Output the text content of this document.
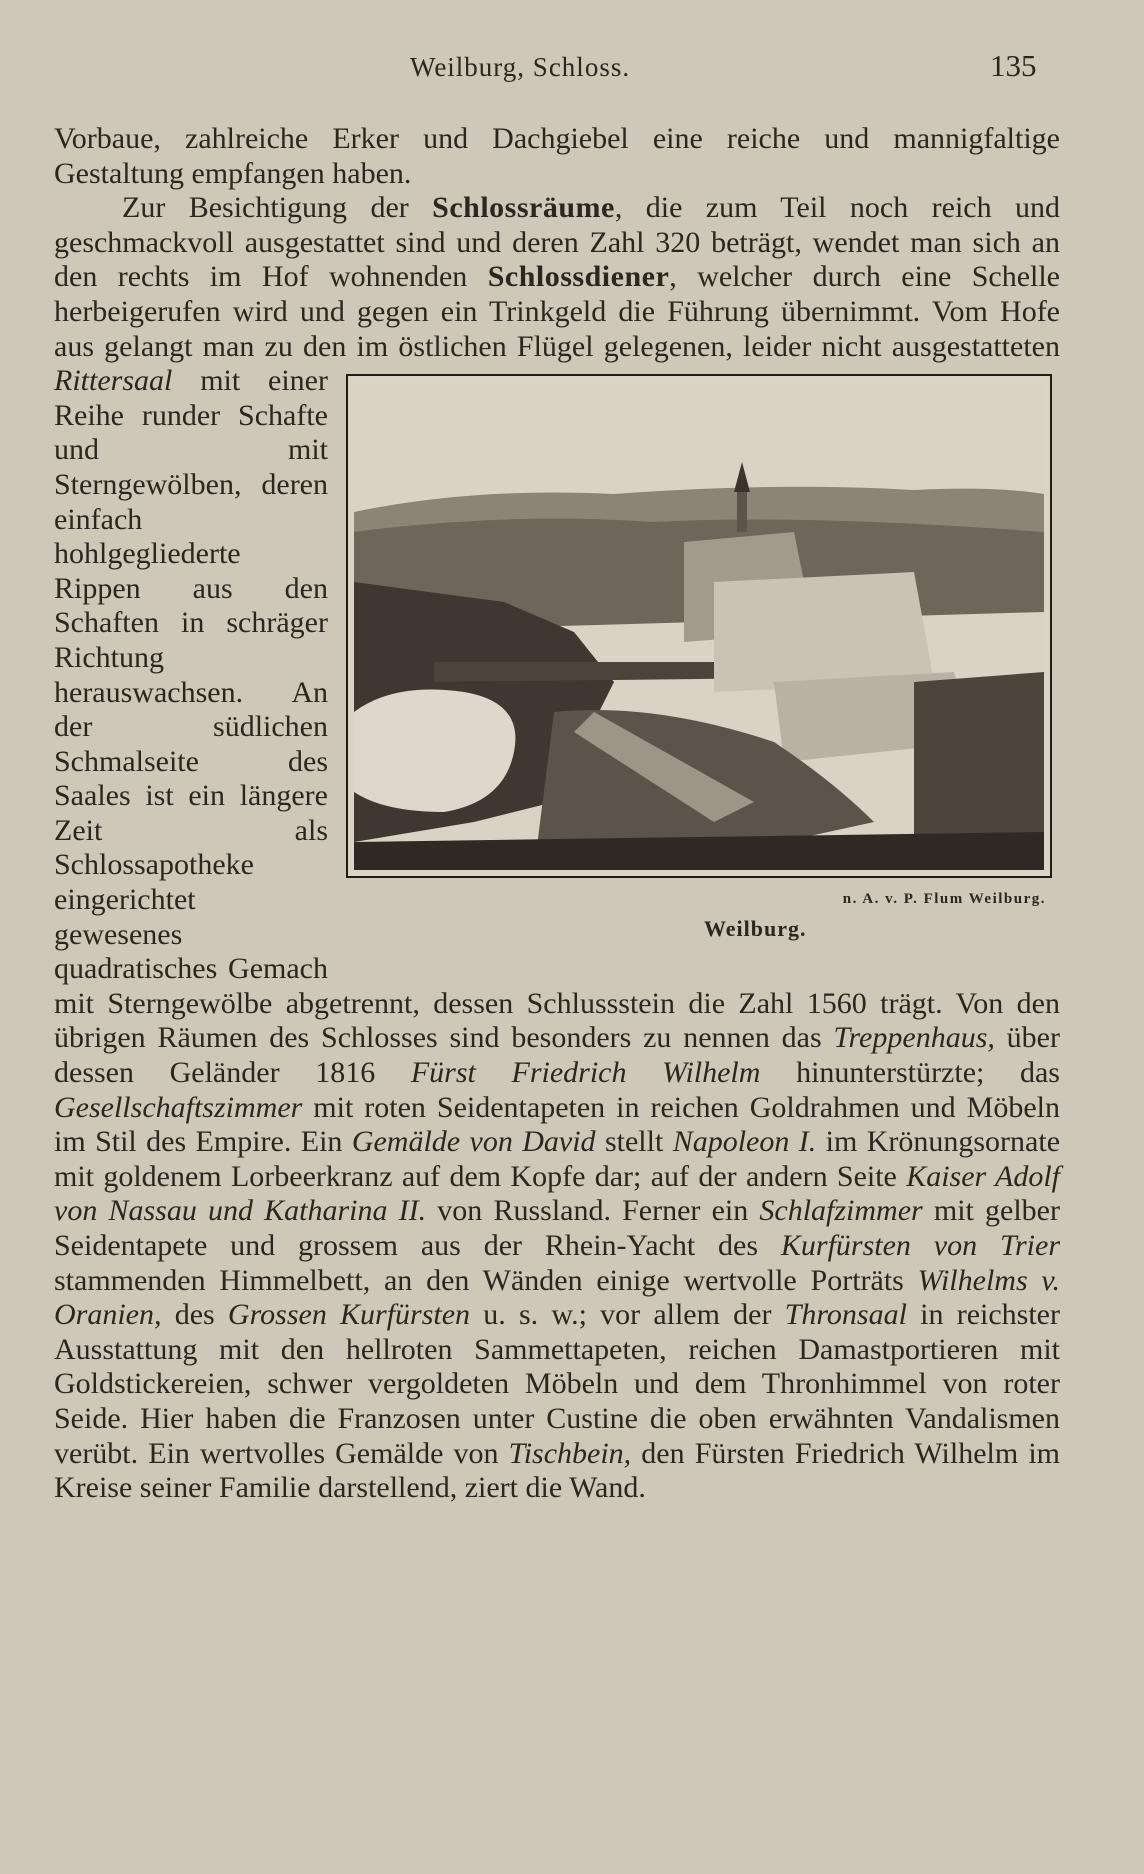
Weilburg, Schloss.	135

Vorbaue, zahlreiche Erker und Dachgiebel eine reiche und mannigfaltige Gestaltung empfangen haben.

Zur Besichtigung der Schlossräume, die zum Teil noch reich und geschmackvoll ausgestattet sind und deren Zahl 320 beträgt, wendet man sich an den rechts im Hof wohnenden Schlossdiener, welcher durch eine Schelle herbeigerufen wird und gegen ein Trinkgeld die Führung übernimmt. Vom Hofe aus gelangt man zu den im östlichen Flügel gelegenen, leider nicht ausgestatteten Rittersaal
n. A. v. P. Flum Weilburg.
Weilburg.
mit einer Reihe runder Schafte und mit Sterngewölben, deren einfach hohlgegliederte Rippen aus den Schaften in schräger Richtung herauswachsen. An der südlichen Schmalseite des Saales ist ein längere Zeit als Schlossapotheke eingerichtet gewesenes quadratisches Gemach mit Sterngewölbe abgetrennt, dessen Schlussstein die Zahl 1560 trägt. Von den übrigen Räumen des Schlosses sind besonders zu nennen das Treppenhaus, über dessen Geländer 1816 Fürst Friedrich Wilhelm hinunterstürzte; das Gesellschaftszimmer mit roten Seidentapeten in reichen Goldrahmen und Möbeln im Stil des Empire. Ein Gemälde von David stellt Napoleon I. im Krönungsornate mit goldenem Lorbeerkranz auf dem Kopfe dar; auf der andern Seite Kaiser Adolf von Nassau und Katharina II. von Russland. Ferner ein Schlafzimmer mit gelber Seidentapete und grossem aus der Rhein-Yacht des Kurfürsten von Trier stammenden Himmelbett, an den Wänden einige wertvolle Porträts Wilhelms v. Oranien, des Grossen Kurfürsten u. s. w.; vor allem der Thronsaal in reichster Ausstattung mit den hellroten Sammettapeten, reichen Damastportieren mit Goldstickereien, schwer vergoldeten Möbeln und dem Thronhimmel von roter Seide. Hier haben die Franzosen unter Custine die oben erwähnten Vandalismen verübt. Ein wertvolles Gemälde von Tischbein, den Fürsten Friedrich Wilhelm im Kreise seiner Familie darstellend, ziert die Wand.
